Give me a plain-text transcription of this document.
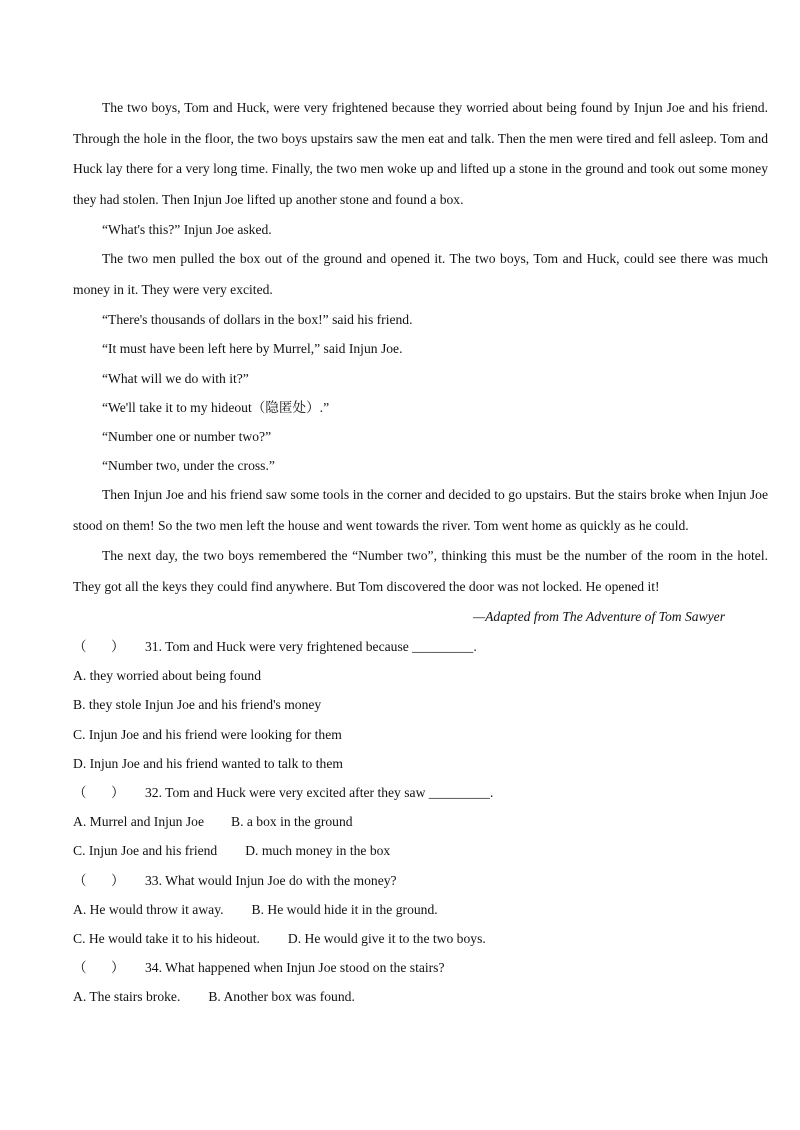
The two boys, Tom and Huck, were very frightened because they worried about being found by Injun Joe and his friend. Through the hole in the floor, the two boys upstairs saw the men eat and talk. Then the men were tired and fell asleep. Tom and Huck lay there for a very long time. Finally, the two men woke up and lifted up a stone in the ground and took out some money they had stolen. Then Injun Joe lifted up another stone and found a box.

“What's this?” Injun Joe asked.

The two men pulled the box out of the ground and opened it. The two boys, Tom and Huck, could see there was much money in it. They were very excited.

“There's thousands of dollars in the box!” said his friend.

“It must have been left here by Murrel,” said Injun Joe.

“What will we do with it?”

“We'll take it to my hideout（隐匿处）.”

“Number one or number two?”

“Number two, under the cross.”

Then Injun Joe and his friend saw some tools in the corner and decided to go upstairs. But the stairs broke when Injun Joe stood on them! So the two men left the house and went towards the river. Tom went home as quickly as he could.

The next day, the two boys remembered the “Number two”, thinking this must be the number of the room in the hotel. They got all the keys they could find anywhere. But Tom discovered the door was not locked. He opened it!

—Adapted from The Adventure of Tom Sawyer

（ ） 31. Tom and Huck were very frightened because _________.
A. they worried about being found
B. they stole Injun Joe and his friend's money
C. Injun Joe and his friend were looking for them
D. Injun Joe and his friend wanted to talk to them
（ ） 32. Tom and Huck were very excited after they saw _________.
A. Murrel and Injun Joe B. a box in the ground
C. Injun Joe and his friend D. much money in the box
（ ） 33. What would Injun Joe do with the money?
A. He would throw it away. B. He would hide it in the ground.
C. He would take it to his hideout. D. He would give it to the two boys.
（ ） 34. What happened when Injun Joe stood on the stairs?
A. The stairs broke. B. Another box was found.
